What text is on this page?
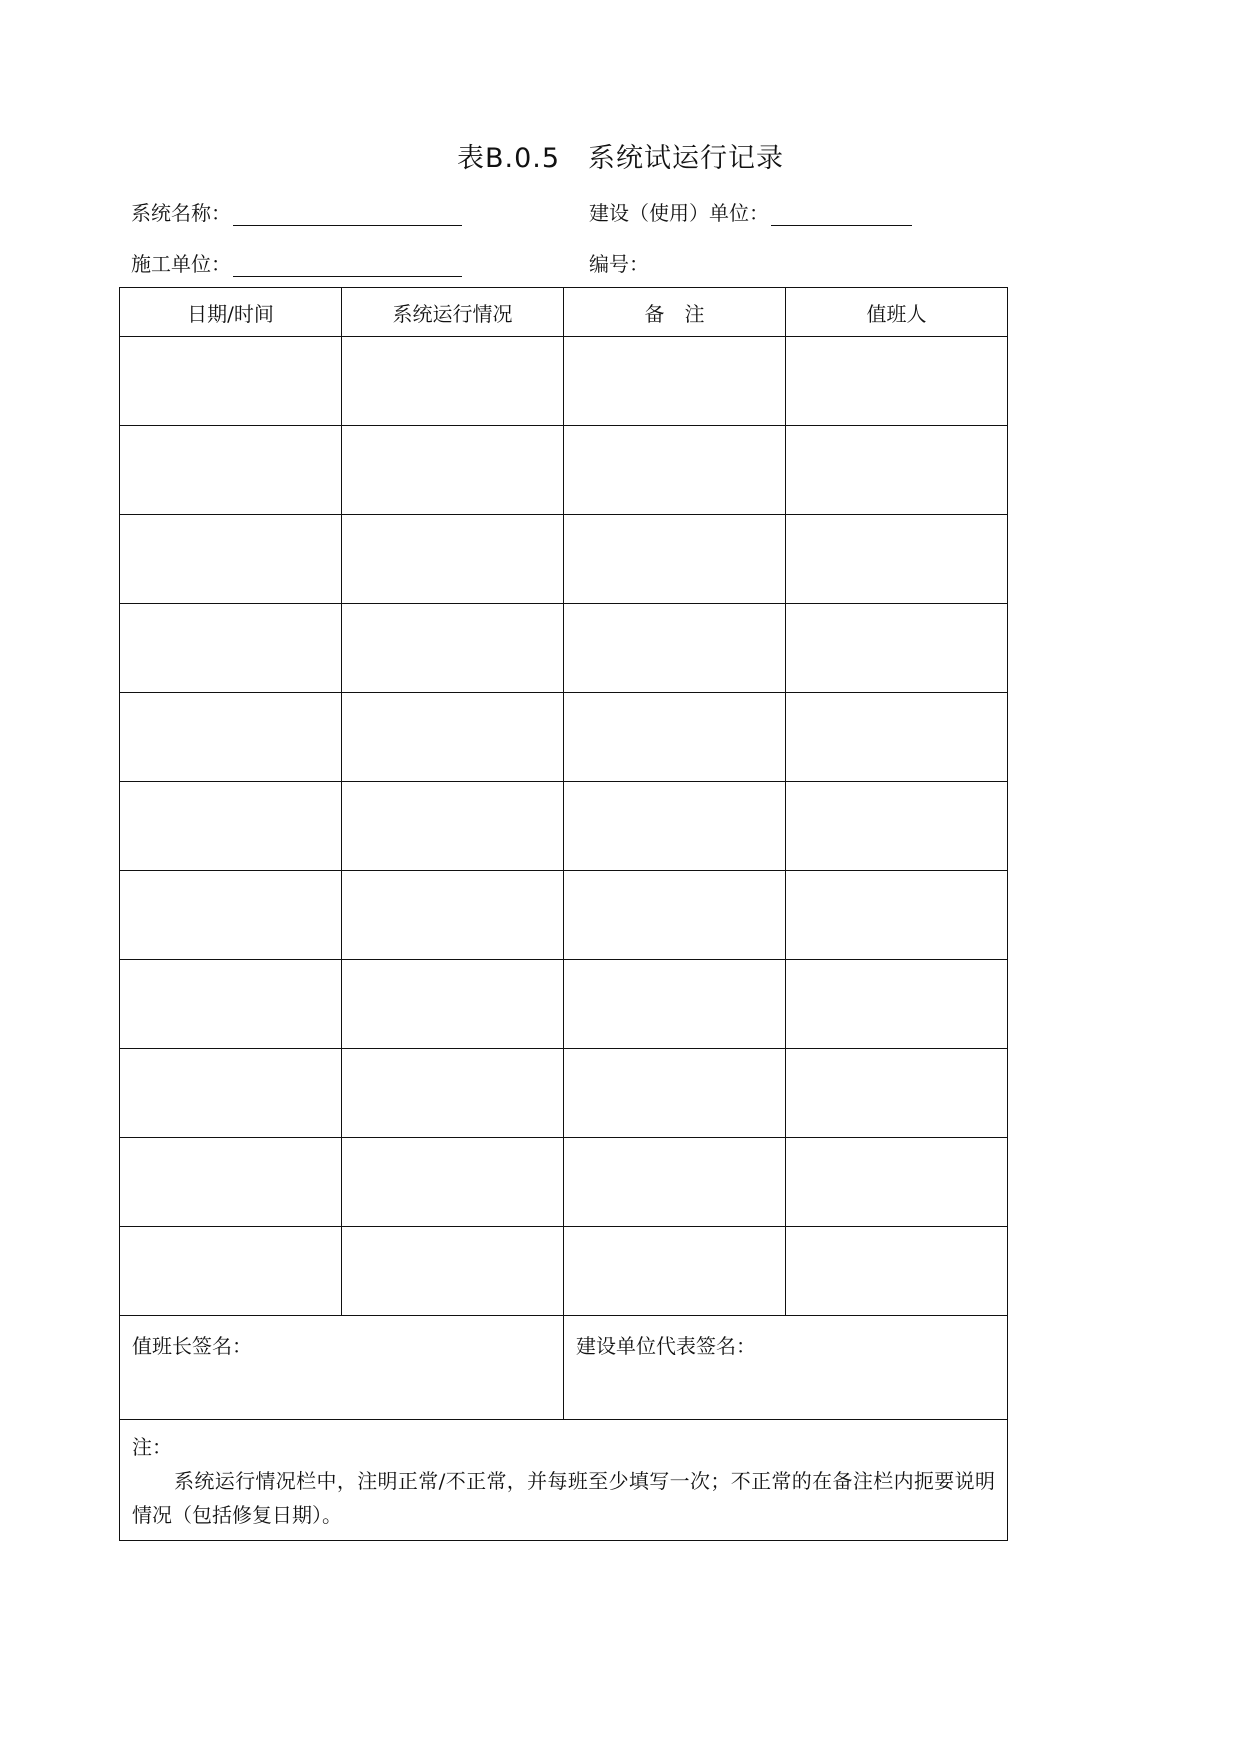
表B.0.5　系统试运行记录
系统名称：	建设（使用）单位：
施工单位：	编号：
日期/时间	系统运行情况	备　注	值班人

值班长签名：		建设单位代表签名：	

注：
系统运行情况栏中，注明正常/不正常，并每班至少填写一次；不正常的在备注栏内扼要说明情况（包括修复日期）。			
